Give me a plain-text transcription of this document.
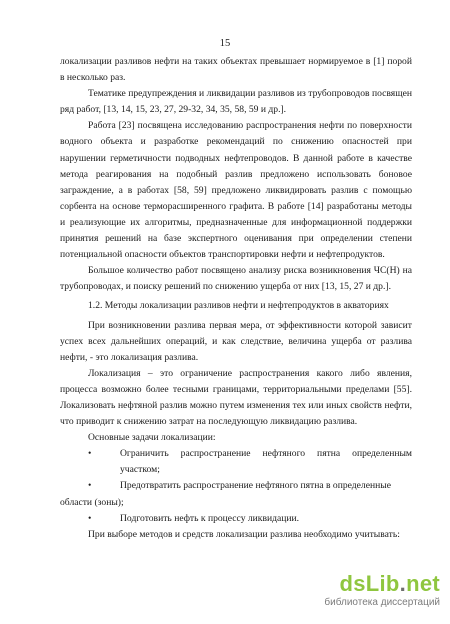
15

локализации разливов нефти на таких объектах превышает нормируемое в [1] порой в несколько раз.

Тематике предупреждения и ликвидации разливов из трубопроводов посвящен ряд работ, [13, 14, 15, 23, 27, 29-32, 34, 35, 58, 59 и др.].

Работа [23] посвящена исследованию распространения нефти по поверхности водного объекта и разработке рекомендаций по снижению опасностей при нарушении герметичности подводных нефтепроводов. В данной работе в качестве метода реагирования на подобный разлив предложено использовать боновое заграждение, а в работах [58, 59] предложено ликвидировать разлив с помощью сорбента на основе терморасширенного графита. В работе [14] разработаны методы и реализующие их алгоритмы, предназначенные для информационной поддержки принятия решений на базе экспертного оценивания при определении степени потенциальной опасности объектов транспортировки нефти и нефтепродуктов.

Большое количество работ посвящено анализу риска возникновения ЧС(Н) на трубопроводах, и поиску решений по снижению ущерба от них [13, 15, 27 и др.].

1.2. Методы локализации разливов нефти и нефтепродуктов в акваториях

При возникновении разлива первая мера, от эффективности которой зависит успех всех дальнейших операций, и как следствие, величина ущерба от разлива нефти, - это локализация разлива.

Локализация – это ограничение распространения какого либо явления, процесса возможно более тесными границами, территориальными пределами [55]. Локализовать нефтяной разлив можно путем изменения тех или иных свойств нефти, что приводит к снижению затрат на последующую ликвидацию разлива.

Основные задачи локализации:

•	Ограничить распространение нефтяного пятна определенным участком;
•	Предотвратить распространение нефтяного пятна в определенные

области (зоны);

•	Подготовить нефть к процессу ликвидации.

При выборе методов и средств локализации разлива необходимо учитывать:

dsLib.net
библиотека диссертаций
